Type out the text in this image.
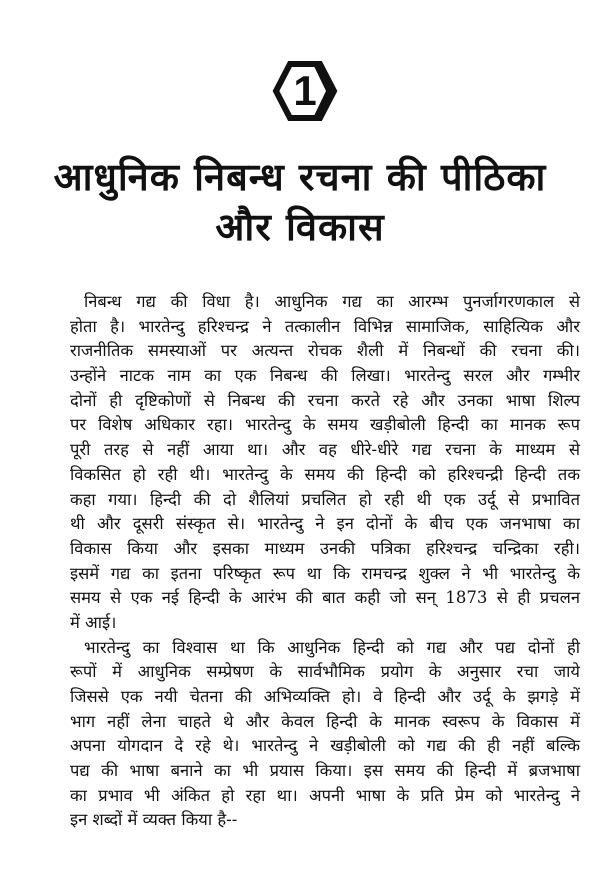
1
आधुनिक निबन्ध रचना की पीठिका
और विकास
निबन्ध गद्य की विधा है। आधुनिक गद्य का आरम्भ पुनर्जागरणकाल से
होता है। भारतेन्दु हरिश्चन्द्र ने तत्कालीन विभिन्न सामाजिक, साहित्यिक और
राजनीतिक समस्याओं पर अत्यन्त रोचक शैली में निबन्धों की रचना की।
उन्होंने नाटक नाम का एक निबन्ध की लिखा। भारतेन्दु सरल और गम्भीर
दोनों ही दृष्टिकोणों से निबन्ध की रचना करते रहे और उनका भाषा शिल्प
पर विशेष अधिकार रहा। भारतेन्दु के समय खड़ीबोली हिन्दी का मानक रूप
पूरी तरह से नहीं आया था। और वह धीरे-धीरे गद्य रचना के माध्यम से
विकसित हो रही थी। भारतेन्दु के समय की हिन्दी को हरिश्चन्द्री हिन्दी तक
कहा गया। हिन्दी की दो शैलियां प्रचलित हो रही थी एक उर्दू से प्रभावित
थी और दूसरी संस्कृत से। भारतेन्दु ने इन दोनों के बीच एक जनभाषा का
विकास किया और इसका माध्यम उनकी पत्रिका हरिश्चन्द्र चन्द्रिका रही।
इसमें गद्य का इतना परिष्कृत रूप था कि रामचन्द्र शुक्ल ने भी भारतेन्दु के
समय से एक नई हिन्दी के आरंभ की बात कही जो सन् 1873 से ही प्रचलन
में आई।
भारतेन्दु का विश्वास था कि आधुनिक हिन्दी को गद्य और पद्य दोनों ही
रूपों में आधुनिक सम्प्रेषण के सार्वभौमिक प्रयोग के अनुसार रचा जाये
जिससे एक नयी चेतना की अभिव्यक्ति हो। वे हिन्दी और उर्दू के झगड़े में
भाग नहीं लेना चाहते थे और केवल हिन्दी के मानक स्वरूप के विकास में
अपना योगदान दे रहे थे। भारतेन्दु ने खड़ीबोली को गद्य की ही नहीं बल्कि
पद्य की भाषा बनाने का भी प्रयास किया। इस समय की हिन्दी में ब्रजभाषा
का प्रभाव भी अंकित हो रहा था। अपनी भाषा के प्रति प्रेम को भारतेन्दु ने
इन शब्दों में व्यक्त किया है--
